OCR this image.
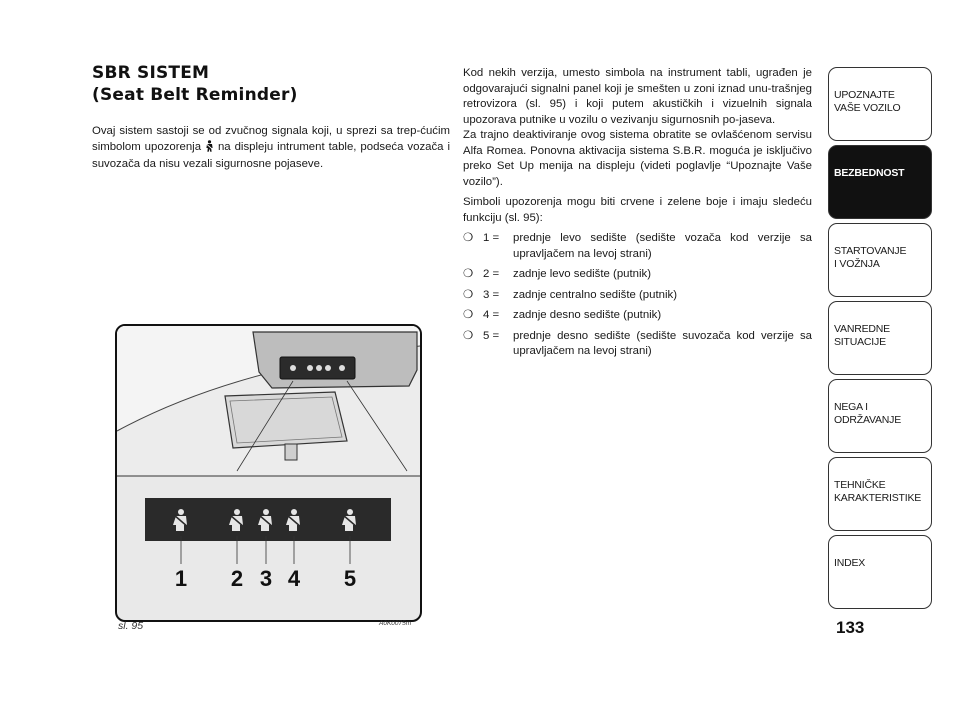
SBR SISTEM
(Seat Belt Reminder)

Ovaj sistem sastoji se od zvučnog signala koji, u sprezi sa trep-ćućim simbolom upozorenja na displeju intrument table, podseća vozača i suvozača da nisu vezali sigurnosne pojaseve.

1 2 3 4 5

sl. 95	A0K0075m

Kod nekih verzija, umesto simbola na instrument tabli, ugrađen je odgovarajući signalni panel koji je smešten u zoni iznad unu-trašnjeg retrovizora (sl. 95) i koji putem akustičkih i vizuelnih signala upozorava putnike u vozilu o vezivanju sigurnosnih po-jaseva.

Za trajno deaktiviranje ovog sistema obratite se ovlašćenom servisu Alfa Romea. Ponovna aktivacija sistema S.B.R. moguća je isključivo preko Set Up menija na displeju (videti poglavlje “Upoznajte Vaše vozilo”).

Simboli upozorenja mogu biti crvene i zelene boje i imaju sledeću funkciju (sl. 95):

❍ 1 = prednje levo sedište (sedište vozača kod verzije sa upravljačem na levoj strani)
❍ 2 = zadnje levo sedište (putnik)
❍ 3 = zadnje centralno sedište (putnik)
❍ 4 = zadnje desno sedište (putnik)
❍ 5 = prednje desno sedište (sedište suvozača kod verzije sa upravljačem na levoj strani)
UPOZNAJTE
VAŠE VOZILO
BEZBEDNOST
STARTOVANJE
I VOŽNJA
VANREDNE
SITUACIJE
NEGA I
ODRŽAVANJE
TEHNIČKE
KARAKTERISTIKE
INDEX

133
